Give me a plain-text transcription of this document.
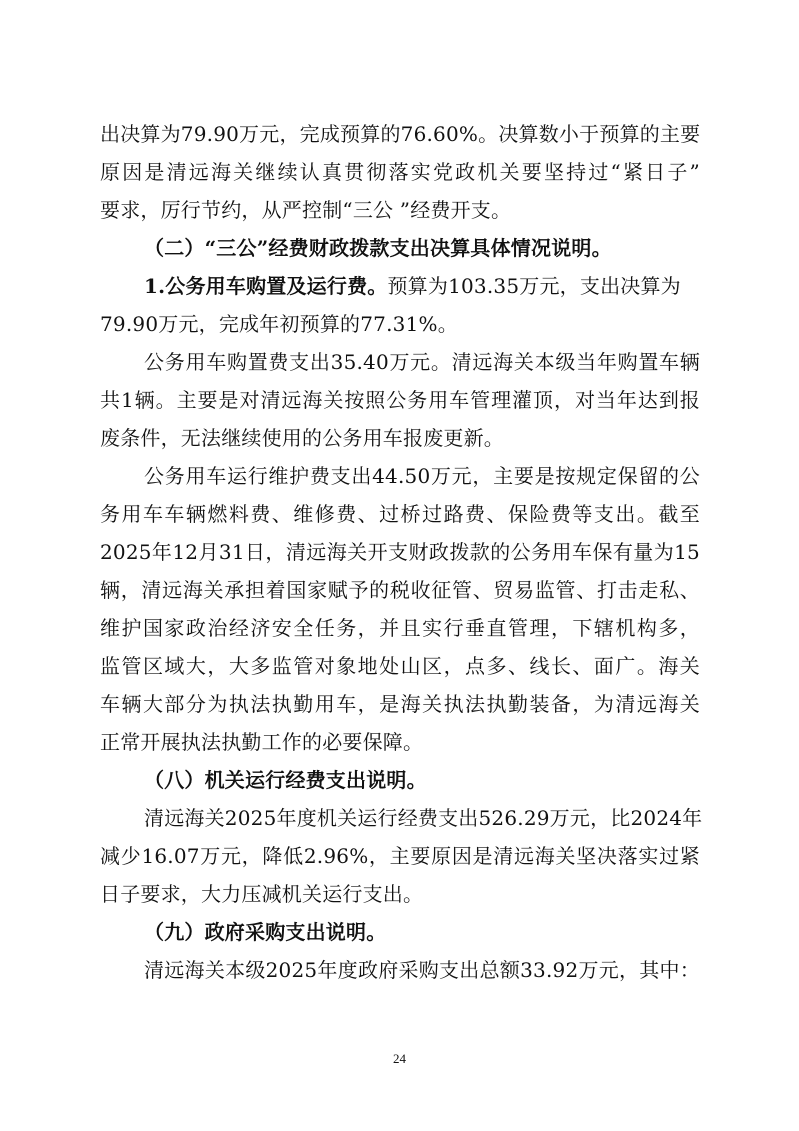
出决算为79.90万元，完成预算的76.60%。决算数小于预算的主要
原因是清远海关继续认真贯彻落实党政机关要坚持过“紧日子”
要求，厉行节约，从严控制“三公 ”经费开支。
（二）“三公”经费财政拨款支出决算具体情况说明。
1.公务用车购置及运行费。预算为103.35万元，支出决算为
79.90万元，完成年初预算的77.31%。
公务用车购置费支出35.40万元。清远海关本级当年购置车辆
共1辆。主要是对清远海关按照公务用车管理灌顶，对当年达到报
废条件，无法继续使用的公务用车报废更新。
公务用车运行维护费支出44.50万元，主要是按规定保留的公
务用车车辆燃料费、维修费、过桥过路费、保险费等支出。截至
2025年12月31日，清远海关开支财政拨款的公务用车保有量为15
辆，清远海关承担着国家赋予的税收征管、贸易监管、打击走私、
维护国家政治经济安全任务，并且实行垂直管理，下辖机构多，
监管区域大，大多监管对象地处山区，点多、线长、面广。海关
车辆大部分为执法执勤用车，是海关执法执勤装备，为清远海关
正常开展执法执勤工作的必要保障。
（八）机关运行经费支出说明。
清远海关2025年度机关运行经费支出526.29万元，比2024年
减少16.07万元，降低2.96%，主要原因是清远海关坚决落实过紧
日子要求，大力压减机关运行支出。
（九）政府采购支出说明。
清远海关本级2025年度政府采购支出总额33.92万元，其中：
24
